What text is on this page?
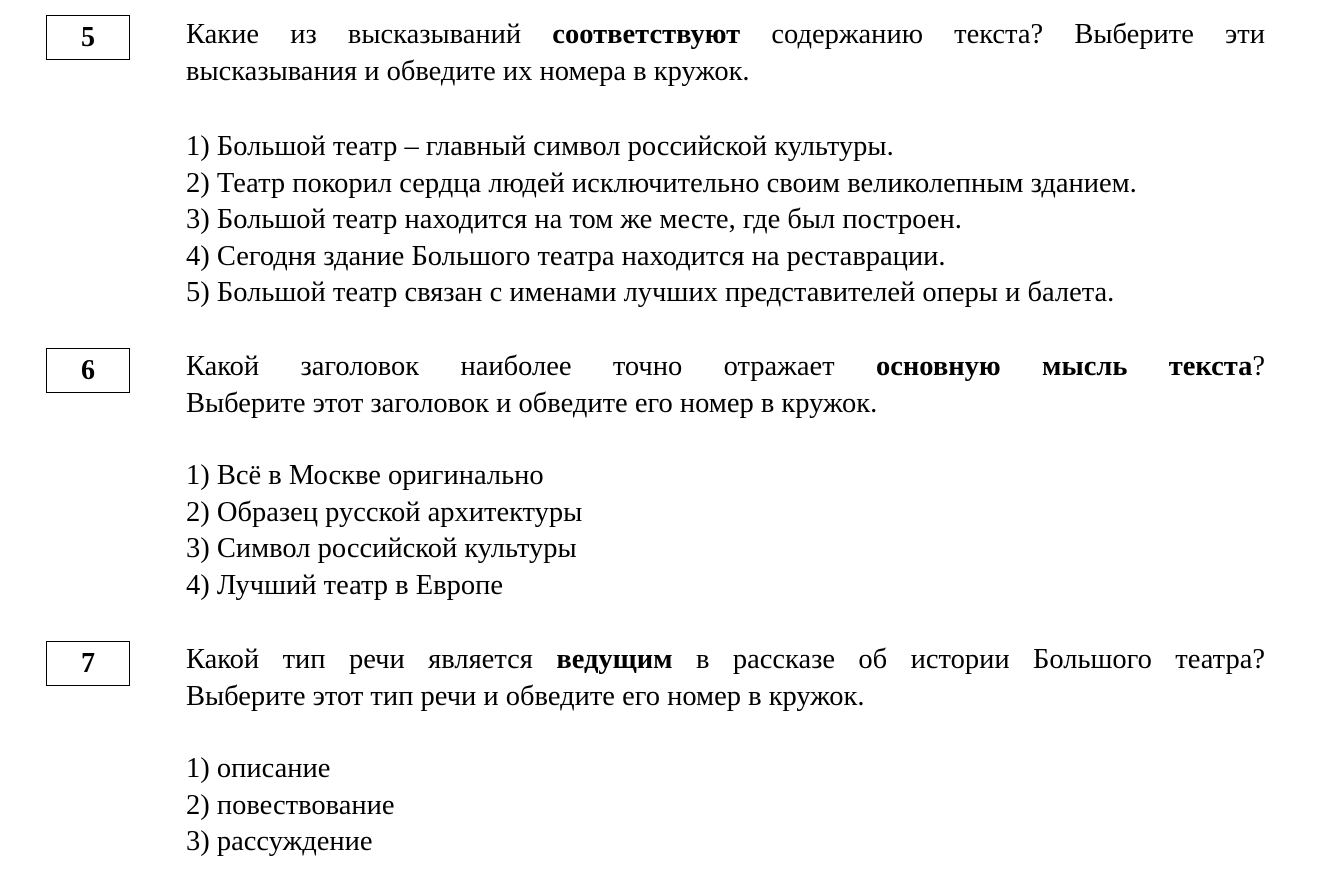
5	Какие из высказываний соответствуют содержанию текста? Выберите эти
высказывания и обведите их номера в кружок.
1) Большой театр – главный символ российской культуры.
2) Театр покорил сердца людей исключительно своим великолепным зданием.
3) Большой театр находится на том же месте, где был построен.
4) Сегодня здание Большого театра находится на реставрации.
5) Большой театр связан с именами лучших представителей оперы и балета.
6	Какой заголовок наиболее точно отражает основную мысль текста?
Выберите этот заголовок и обведите его номер в кружок.
1) Всё в Москве оригинально
2) Образец русской архитектуры
3) Символ российской культуры
4) Лучший театр в Европе
7	Какой тип речи является ведущим в рассказе об истории Большого театра?
Выберите этот тип речи и обведите его номер в кружок.
1) описание
2) повествование
3) рассуждение
